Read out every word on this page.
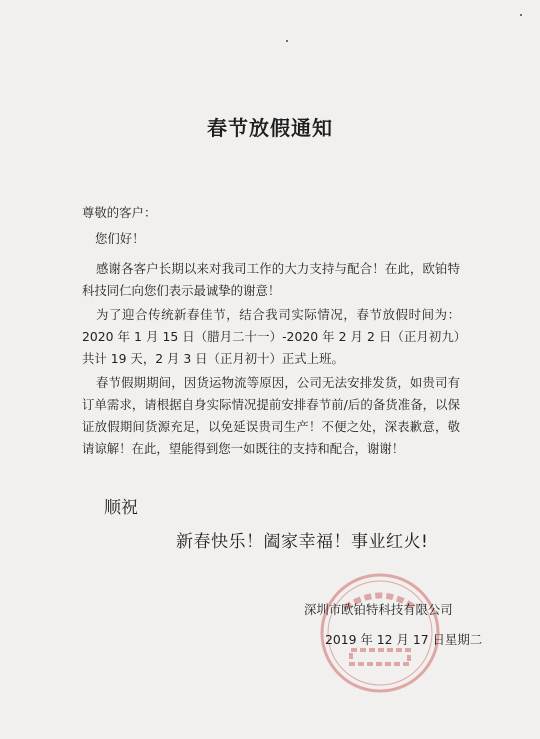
春节放假通知
尊敬的客户：
您们好！
感谢各客户长期以来对我司工作的大力支持与配合！在此，欧铂特科技同仁向您们表示最诚挚的谢意！
为了迎合传统新春佳节，结合我司实际情况，春节放假时间为：2020 年 1 月 15 日（腊月二十一）-2020 年 2 月 2 日（正月初九）共计 19 天，2 月 3 日（正月初十）正式上班。
春节假期期间，因货运物流等原因，公司无法安排发货，如贵司有订单需求，请根据自身实际情况提前安排春节前/后的备货准备，以保证放假期间货源充足，以免延误贵司生产！不便之处，深表歉意，敬请谅解！在此，望能得到您一如既往的支持和配合，谢谢！
顺祝
新春快乐！阖家幸福！事业红火!
深圳市欧铂特科技有限公司
2019 年 12 月 17 日星期二
